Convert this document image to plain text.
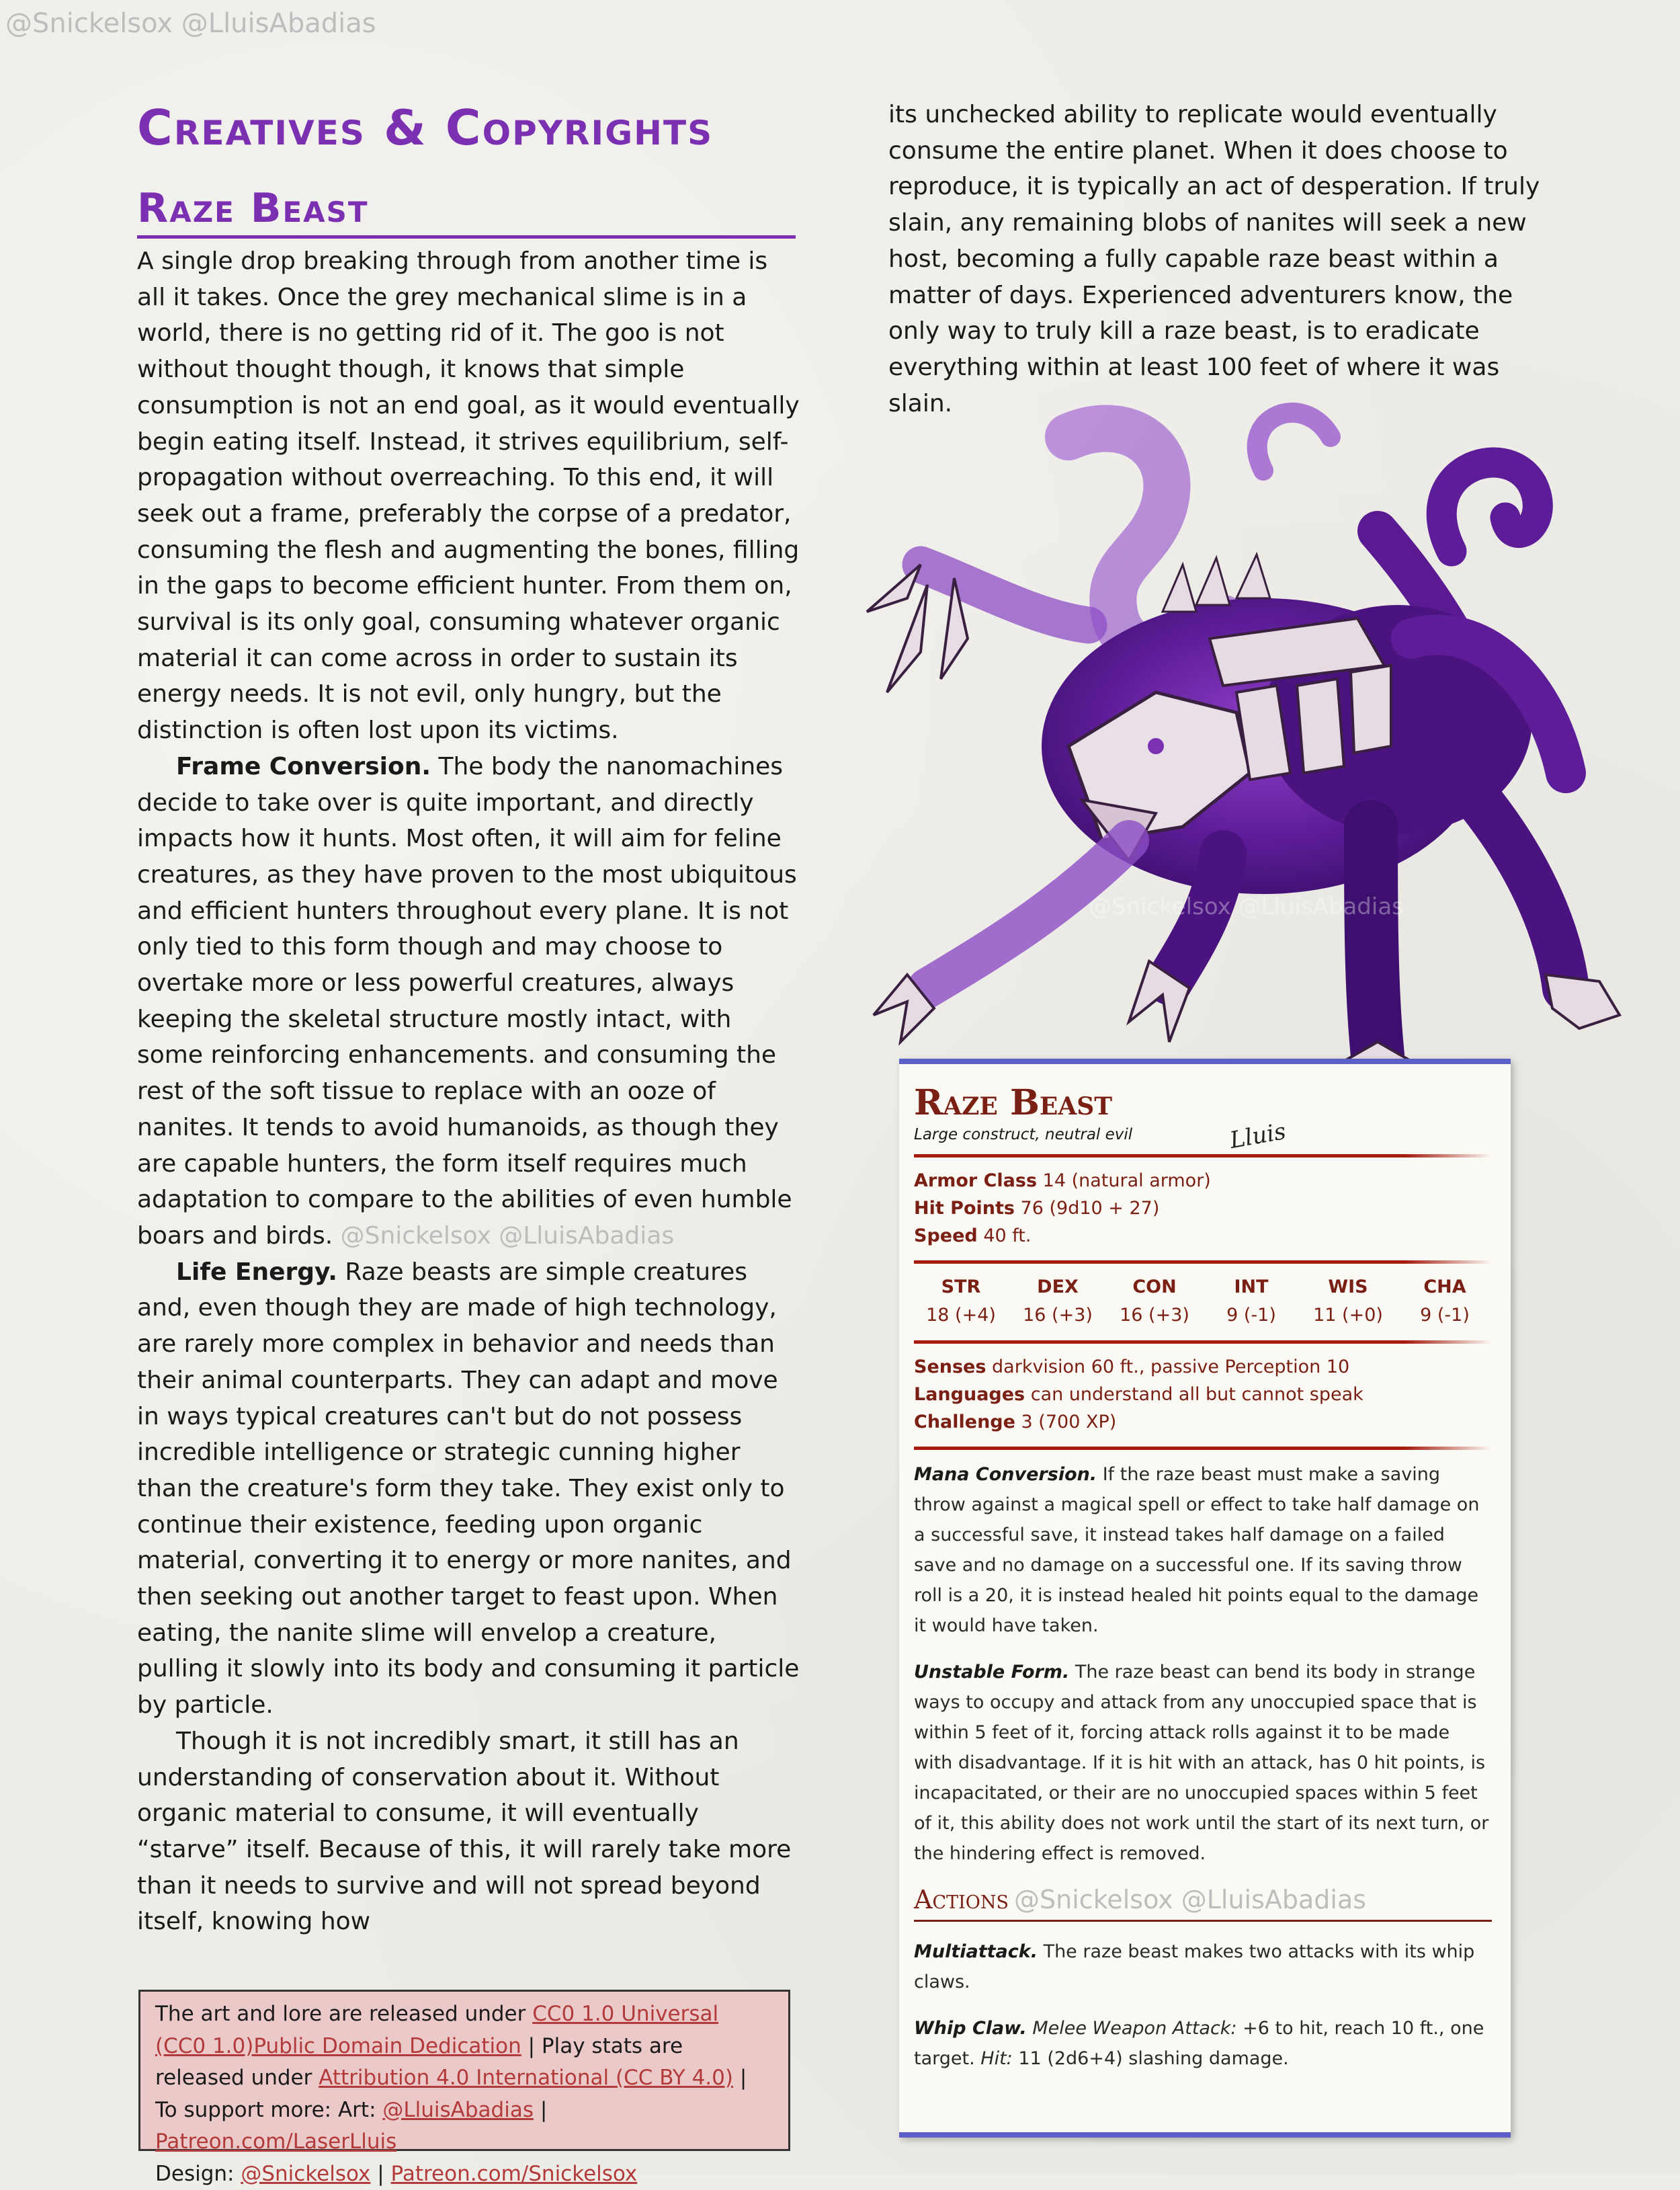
@Snickelsox @LluisAbadias
Creatives & Copyrights
Raze Beast
@Snickelsox @LluisAbadias

A single drop breaking through from another time is all it takes. Once the grey mechanical slime is in a world, there is no getting rid of it. The goo is not without thought though, it knows that simple consumption is not an end goal, as it would eventually begin eating itself. Instead, it strives equilibrium, self-propagation without overreaching. To this end, it will seek out a frame, preferably the corpse of a predator, consuming the flesh and augmenting the bones, filling in the gaps to become efficient hunter. From them on, survival is its only goal, consuming whatever organic material it can come across in order to sustain its energy needs. It is not evil, only hungry, but the distinction is often lost upon its victims.

Frame Conversion. The body the nanomachines decide to take over is quite important, and directly impacts how it hunts. Most often, it will aim for feline creatures, as they have proven to the most ubiquitous and efficient hunters throughout every plane. It is not only tied to this form though and may choose to overtake more or less powerful creatures, always keeping the skeletal structure mostly intact, with some reinforcing enhancements. and consuming the rest of the soft tissue to replace with an ooze of nanites. It tends to avoid humanoids, as though they are capable hunters, the form itself requires much adaptation to compare to the abilities of even humble boars and birds. @Snickelsox @LluisAbadias

Life Energy. Raze beasts are simple creatures and, even though they are made of high technology, are rarely more complex in behavior and needs than their animal counterparts. They can adapt and move in ways typical creatures can't but do not possess incredible intelligence or strategic cunning higher than the creature's form they take. They exist only to continue their existence, feeding upon organic material, converting it to energy or more nanites, and then seeking out another target to feast upon. When eating, the nanite slime will envelop a creature, pulling it slowly into its body and consuming it particle by particle.

Though it is not incredibly smart, it still has an understanding of conservation about it. Without organic material to consume, it will eventually “starve” itself. Because of this, it will rarely take more than it needs to survive and will not spread beyond itself, knowing how

its unchecked ability to replicate would eventually consume the entire planet. When it does choose to reproduce, it is typically an act of desperation. If truly slain, any remaining blobs of nanites will seek a new host, becoming a fully capable raze beast within a matter of days. Experienced adventurers know, the only way to truly kill a raze beast, is to eradicate everything within at least 100 feet of where it was slain.

The art and lore are released under CC0 1.0 Universal (CC0 1.0)Public Domain Dedication | Play stats are released under Attribution 4.0 International (CC BY 4.0) | To support more: Art: @LluisAbadias | Patreon.com/LaserLluis
Design: @Snickelsox | Patreon.com/Snickelsox
Raze Beast
Large construct, neutral evil
Armor Class 14 (natural armor)
Hit Points 76 (9d10 + 27)
Speed 40 ft.
STR
18 (+4)
DEX
16 (+3)
CON
16 (+3)
INT
9 (-1)
WIS
11 (+0)
CHA
9 (-1)
Senses darkvision 60 ft., passive Perception 10
Languages can understand all but cannot speak
Challenge 3 (700 XP)

Mana Conversion. If the raze beast must make a saving throw against a magical spell or effect to take half damage on a successful save, it instead takes half damage on a failed save and no damage on a successful one. If its saving throw roll is a 20, it is instead healed hit points equal to the damage it would have taken.

Unstable Form. The raze beast can bend its body in strange ways to occupy and attack from any unoccupied space that is within 5 feet of it, forcing attack rolls against it to be made with disadvantage. If it is hit with an attack, has 0 hit points, is incapacitated, or their are no unoccupied spaces within 5 feet of it, this ability does not work until the start of its next turn, or the hindering effect is removed.

Actions @Snickelsox @LluisAbadias

Multiattack. The raze beast makes two attacks with its whip claws.

Whip Claw. Melee Weapon Attack: +6 to hit, reach 10 ft., one target. Hit: 11 (2d6+4) slashing damage.

Lluis
